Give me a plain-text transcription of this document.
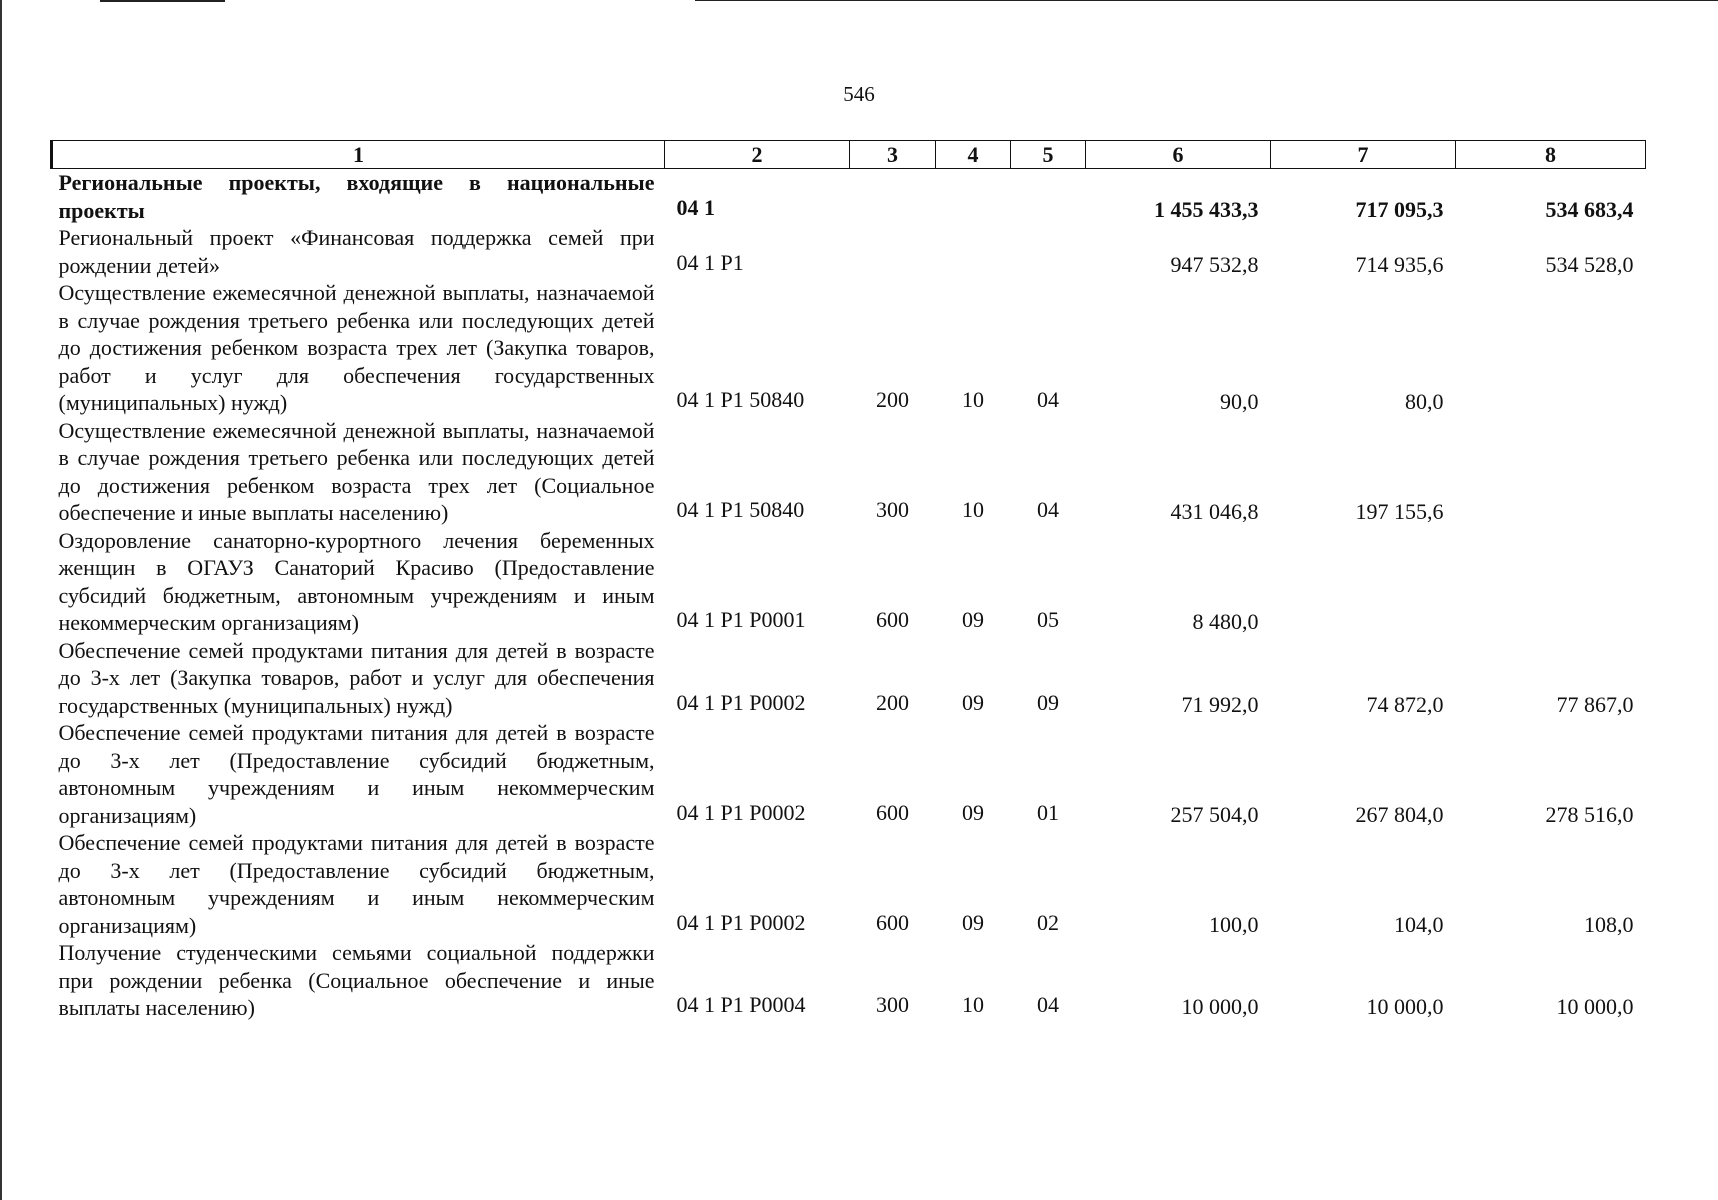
546
1	2	3	4	5	6	7	8
Региональные проекты, входящие в национальные проекты	04 1				1 455 433,3	717 095,3	534 683,4
Региональный проект «Финансовая поддержка семей при рождении детей»	04 1 P1				947 532,8	714 935,6	534 528,0
Осуществление ежемесячной денежной выплаты, назначаемой в случае рождения третьего ребенка или последующих детей до достижения ребенком возраста трех лет (Закупка товаров, работ и услуг для обеспечения государственных (муниципальных) нужд)	04 1 P1 50840	200	10	04	90,0	80,0	
Осуществление ежемесячной денежной выплаты, назначаемой в случае рождения третьего ребенка или последующих детей до достижения ребенком возраста трех лет (Социальное обеспечение и иные выплаты населению)	04 1 P1 50840	300	10	04	431 046,8	197 155,6	
Оздоровление санаторно-курортного лечения беременных женщин в ОГАУЗ Санаторий Красиво (Предоставление субсидий бюджетным, автономным учреждениям и иным некоммерческим организациям)	04 1 P1 P0001	600	09	05	8 480,0		
Обеспечение семей продуктами питания для детей в возрасте до 3-х лет (Закупка товаров, работ и услуг для обеспечения государственных (муниципальных) нужд)	04 1 P1 P0002	200	09	09	71 992,0	74 872,0	77 867,0
Обеспечение семей продуктами питания для детей в возрасте до 3-х лет (Предоставление субсидий бюджетным, автономным учреждениям и иным некоммерческим организациям)	04 1 P1 P0002	600	09	01	257 504,0	267 804,0	278 516,0
Обеспечение семей продуктами питания для детей в возрасте до 3-х лет (Предоставление субсидий бюджетным, автономным учреждениям и иным некоммерческим организациям)	04 1 P1 P0002	600	09	02	100,0	104,0	108,0
Получение студенческими семьями социальной поддержки при рождении ребенка (Социальное обеспечение и иные выплаты населению)	04 1 P1 P0004	300	10	04	10 000,0	10 000,0	10 000,0
